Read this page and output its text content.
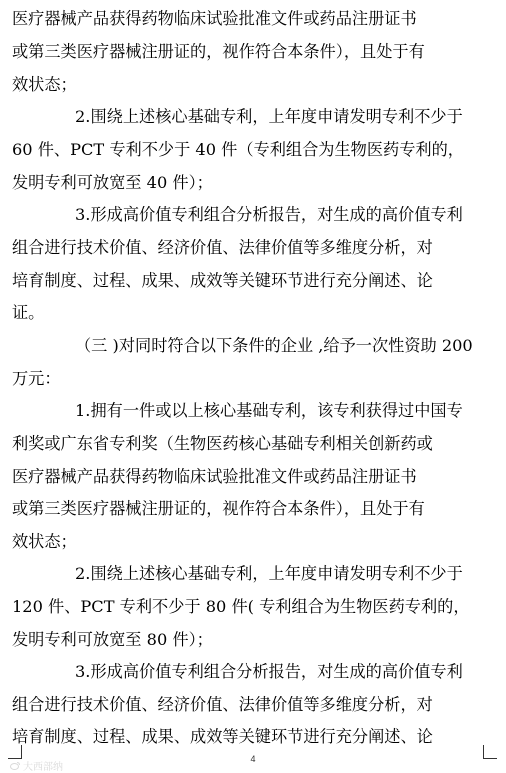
医疗器械产品获得药物临床试验批准文件或药品注册证书
或第三类医疗器械注册证的，视作符合本条件），且处于有
效状态；
2.围绕上述核心基础专利，上年度申请发明专利不少于
60 件、PCT 专利不少于 40 件（专利组合为生物医药专利的，
发明专利可放宽至 40 件）；
3.形成高价值专利组合分析报告，对生成的高价值专利
组合进行技术价值、经济价值、法律价值等多维度分析，对
培育制度、过程、成果、成效等关键环节进行充分阐述、论
证。
（三 )对同时符合以下条件的企业 ,给予一次性资助 200
万元：
1.拥有一件或以上核心基础专利，该专利获得过中国专
利奖或广东省专利奖（生物医药核心基础专利相关创新药或
医疗器械产品获得药物临床试验批准文件或药品注册证书
或第三类医疗器械注册证的，视作符合本条件），且处于有
效状态；
2.围绕上述核心基础专利，上年度申请发明专利不少于
120 件、PCT 专利不少于 80 件( 专利组合为生物医药专利的，
发明专利可放宽至 80 件）；
3.形成高价值专利组合分析报告，对生成的高价值专利
组合进行技术价值、经济价值、法律价值等多维度分析，对
培育制度、过程、成果、成效等关键环节进行充分阐述、论
4
大西部纳
